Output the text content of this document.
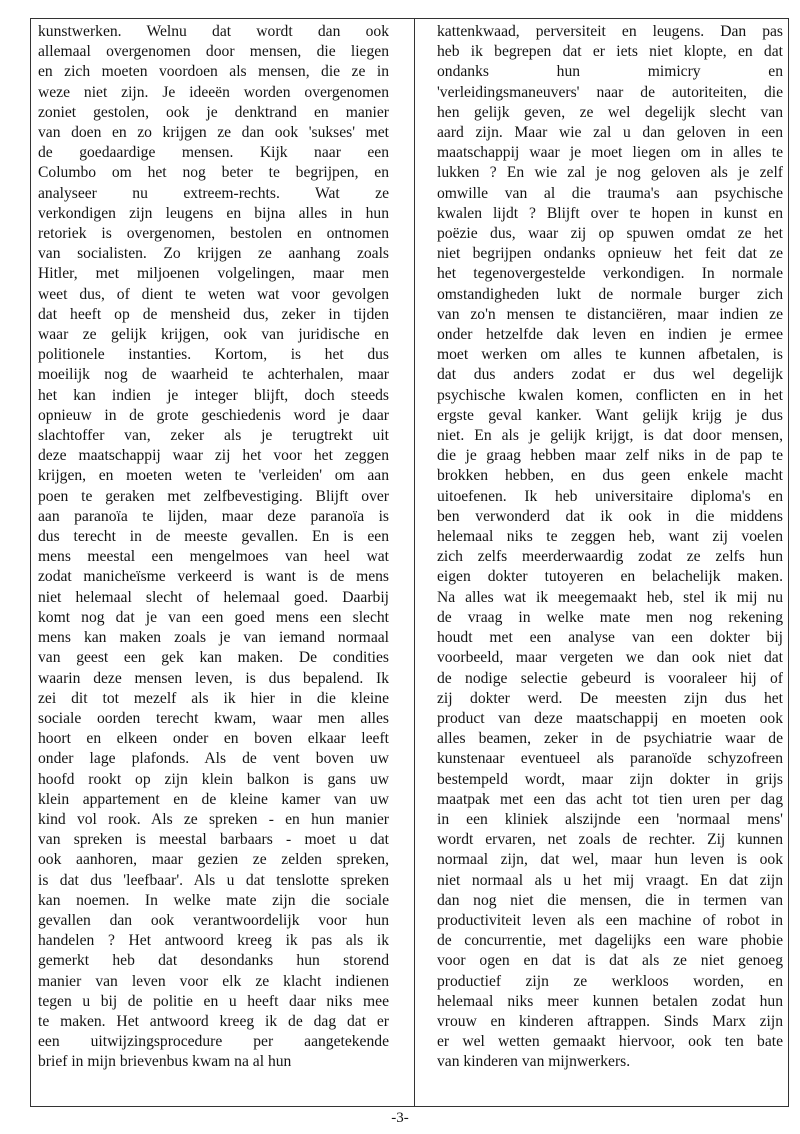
kunstwerken. Welnu dat wordt dan ook
allemaal overgenomen door mensen, die liegen
en zich moeten voordoen als mensen, die ze in
weze niet zijn. Je ideeën worden overgenomen
zoniet gestolen, ook je denktrand en manier
van doen en zo krijgen ze dan ook 'sukses' met
de goedaardige mensen. Kijk naar een
Columbo om het nog beter te begrijpen, en
analyseer nu extreem-rechts. Wat ze
verkondigen zijn leugens en bijna alles in hun
retoriek is overgenomen, bestolen en ontnomen
van socialisten. Zo krijgen ze aanhang zoals
Hitler, met miljoenen volgelingen, maar men
weet dus, of dient te weten wat voor gevolgen
dat heeft op de mensheid dus, zeker in tijden
waar ze gelijk krijgen, ook van juridische en
politionele instanties. Kortom, is het dus
moeilijk nog de waarheid te achterhalen, maar
het kan indien je integer blijft, doch steeds
opnieuw in de grote geschiedenis word je daar
slachtoffer van, zeker als je terugtrekt uit
deze maatschappij waar zij het voor het zeggen
krijgen, en moeten weten te 'verleiden' om aan
poen te geraken met zelfbevestiging. Blijft over
aan paranoïa te lijden, maar deze paranoïa is
dus terecht in de meeste gevallen. En is een
mens meestal een mengelmoes van heel wat
zodat manicheïsme verkeerd is want is de mens
niet helemaal slecht of helemaal goed. Daarbij
komt nog dat je van een goed mens een slecht
mens kan maken zoals je van iemand normaal
van geest een gek kan maken. De condities
waarin deze mensen leven, is dus bepalend. Ik
zei dit tot mezelf als ik hier in die kleine
sociale oorden terecht kwam, waar men alles
hoort en elkeen onder en boven elkaar leeft
onder lage plafonds. Als de vent boven uw
hoofd rookt op zijn klein balkon is gans uw
klein appartement en de kleine kamer van uw
kind vol rook. Als ze spreken - en hun manier
van spreken is meestal barbaars - moet u dat
ook aanhoren, maar gezien ze zelden spreken,
is dat dus 'leefbaar'. Als u dat tenslotte spreken
kan noemen. In welke mate zijn die sociale
gevallen dan ook verantwoordelijk voor hun
handelen ? Het antwoord kreeg ik pas als ik
gemerkt heb dat desondanks hun storend
manier van leven voor elk ze klacht indienen
tegen u bij de politie en u heeft daar niks mee
te maken. Het antwoord kreeg ik de dag dat er
een uitwijzingsprocedure per aangetekende
brief in mijn brievenbus kwam na al hun
kattenkwaad, perversiteit en leugens. Dan pas
heb ik begrepen dat er iets niet klopte, en dat
ondanks hun mimicry en
'verleidingsmaneuvers' naar de autoriteiten, die
hen gelijk geven, ze wel degelijk slecht van
aard zijn. Maar wie zal u dan geloven in een
maatschappij waar je moet liegen om in alles te
lukken ? En wie zal je nog geloven als je zelf
omwille van al die trauma's aan psychische
kwalen lijdt ? Blijft over te hopen in kunst en
poëzie dus, waar zij op spuwen omdat ze het
niet begrijpen ondanks opnieuw het feit dat ze
het tegenovergestelde verkondigen. In normale
omstandigheden lukt de normale burger zich
van zo'n mensen te distanciëren, maar indien ze
onder hetzelfde dak leven en indien je ermee
moet werken om alles te kunnen afbetalen, is
dat dus anders zodat er dus wel degelijk
psychische kwalen komen, conflicten en in het
ergste geval kanker. Want gelijk krijg je dus
niet. En als je gelijk krijgt, is dat door mensen,
die je graag hebben maar zelf niks in de pap te
brokken hebben, en dus geen enkele macht
uitoefenen. Ik heb universitaire diploma's en
ben verwonderd dat ik ook in die middens
helemaal niks te zeggen heb, want zij voelen
zich zelfs meerderwaardig zodat ze zelfs hun
eigen dokter tutoyeren en belachelijk maken.
Na alles wat ik meegemaakt heb, stel ik mij nu
de vraag in welke mate men nog rekening
houdt met een analyse van een dokter bij
voorbeeld, maar vergeten we dan ook niet dat
de nodige selectie gebeurd is vooraleer hij of
zij dokter werd. De meesten zijn dus het
product van deze maatschappij en moeten ook
alles beamen, zeker in de psychiatrie waar de
kunstenaar eventueel als paranoïde schyzofreen
bestempeld wordt, maar zijn dokter in grijs
maatpak met een das acht tot tien uren per dag
in een kliniek alszijnde een 'normaal mens'
wordt ervaren, net zoals de rechter. Zij kunnen
normaal zijn, dat wel, maar hun leven is ook
niet normaal als u het mij vraagt. En dat zijn
dan nog niet die mensen, die in termen van
productiviteit leven als een machine of robot in
de concurrentie, met dagelijks een ware phobie
voor ogen en dat is dat als ze niet genoeg
productief zijn ze werkloos worden, en
helemaal niks meer kunnen betalen zodat hun
vrouw en kinderen aftrappen. Sinds Marx zijn
er wel wetten gemaakt hiervoor, ook ten bate
van kinderen van mijnwerkers.
-3-
